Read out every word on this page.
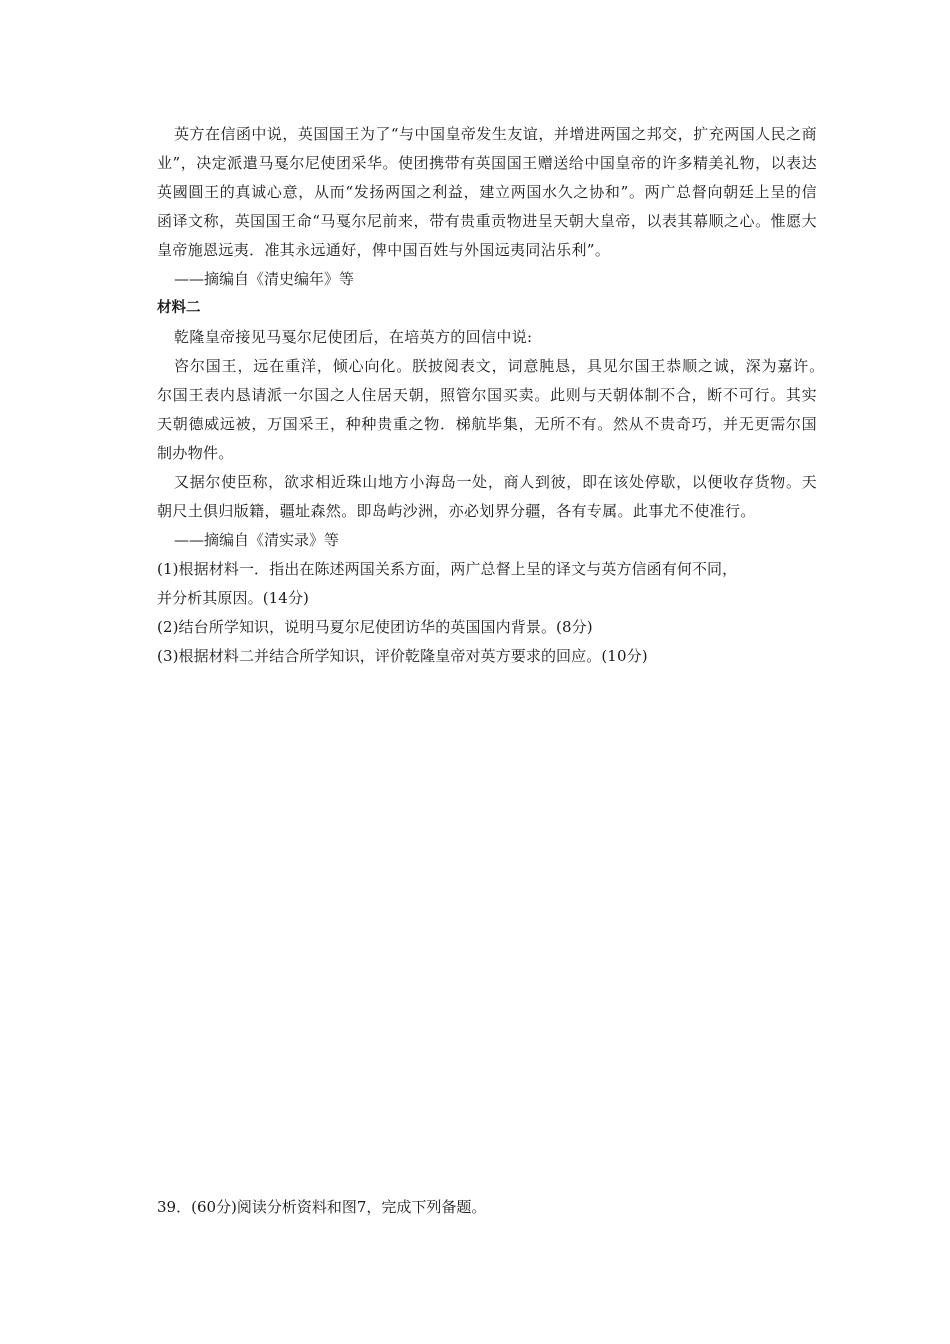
英方在信函中说，英国国王为了“与中国皇帝发生友谊，并增进两国之邦交，扩充两国人民之商业”，决定派遣马戛尔尼使团采华。使团携带有英国国王赠送给中国皇帝的许多精美礼物，以表达英國圓王的真诚心意，从而“发扬两国之利益，建立两国水久之协和”。两广总督向朝廷上呈的信函译文称，英国国王命“马戛尔尼前来，带有贵重贡物进呈天朝大皇帝，以表其幕顺之心。惟愿大皇帝施恩远夷．准其永远通好，俾中国百姓与外国远夷同沾乐利”。

——摘编自《清史编年》等

材料二

乾隆皇帝接见马戛尔尼使团后，在培英方的回信中说:

咨尔国王，远在重洋，倾心向化。朕披阅表文，词意肫恳，具见尔国王恭顺之诚，深为嘉许。　尔国王表内恳请派一尔国之人住居天朝，照管尔国买卖。此则与天朝体制不合，断不可行。其实天朝德威远被，万国采王，种种贵重之物．梯航毕集，无所不有。然从不贵奇巧，并无更需尔国制办物件。

又据尔使臣称，欲求相近珠山地方小海岛一处，商人到彼，即在该处停歇，以便收存货物。天朝尺土俱归版籍，疆址森然。即岛屿沙洲，亦必划界分疆，各有专属。此事尤不使准行。

——摘编自《清实录》等

(1)根据材料一．指出在陈述两国关系方面，两广总督上呈的译文与英方信函有何不同，

并分析其原因。(14分)

(2)结台所学知识，说明马夏尔尼使团访华的英国国内背景。(8分)

(3)根据材料二并结合所学知识，评价乾隆皇帝对英方要求的回应。(10分)

39．(60分)阅读分析资料和图7，完成下列备题。
